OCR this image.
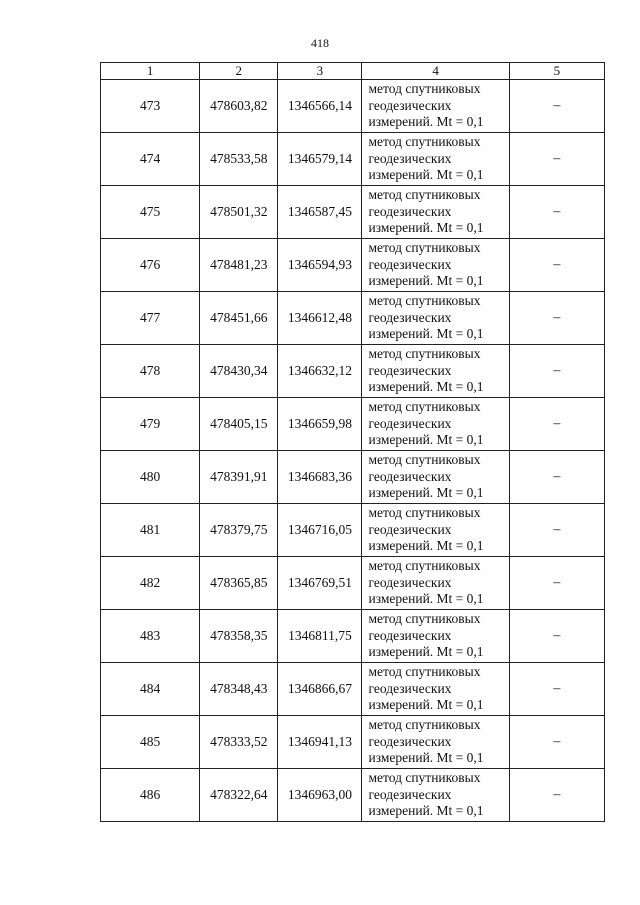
418
1	2	3	4	5
473	478603,82	1346566,14	метод спутниковых
геодезических
измерений. Mt = 0,1	–
474	478533,58	1346579,14	метод спутниковых
геодезических
измерений. Mt = 0,1	–
475	478501,32	1346587,45	метод спутниковых
геодезических
измерений. Mt = 0,1	–
476	478481,23	1346594,93	метод спутниковых
геодезических
измерений. Mt = 0,1	–
477	478451,66	1346612,48	метод спутниковых
геодезических
измерений. Mt = 0,1	–
478	478430,34	1346632,12	метод спутниковых
геодезических
измерений. Mt = 0,1	–
479	478405,15	1346659,98	метод спутниковых
геодезических
измерений. Mt = 0,1	–
480	478391,91	1346683,36	метод спутниковых
геодезических
измерений. Mt = 0,1	–
481	478379,75	1346716,05	метод спутниковых
геодезических
измерений. Mt = 0,1	–
482	478365,85	1346769,51	метод спутниковых
геодезических
измерений. Mt = 0,1	–
483	478358,35	1346811,75	метод спутниковых
геодезических
измерений. Mt = 0,1	–
484	478348,43	1346866,67	метод спутниковых
геодезических
измерений. Mt = 0,1	–
485	478333,52	1346941,13	метод спутниковых
геодезических
измерений. Mt = 0,1	–
486	478322,64	1346963,00	метод спутниковых
геодезических
измерений. Mt = 0,1	–
